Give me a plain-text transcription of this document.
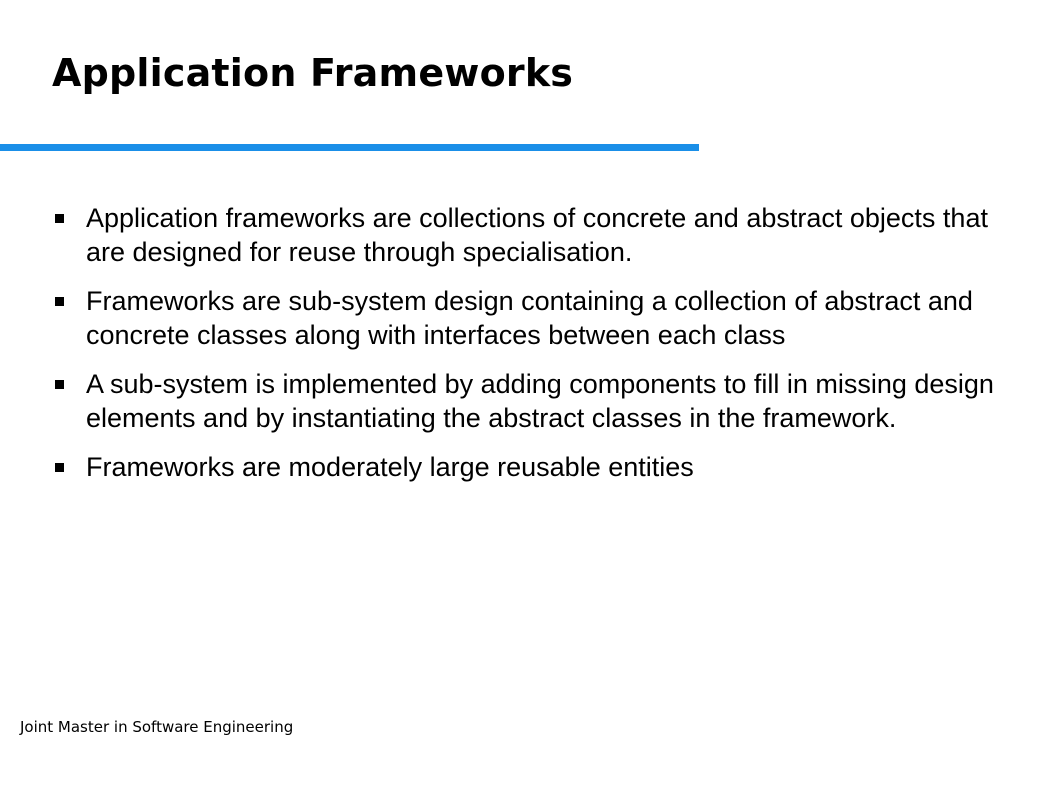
Application Frameworks
Application frameworks are collections of concrete and abstract objects that are designed for reuse through specialisation.
Frameworks are sub-system design containing a collection of abstract and concrete classes along with interfaces between each class
A sub-system is implemented by adding components to fill in missing design elements and by instantiating the abstract classes in the framework.
Frameworks are moderately large reusable entities
Joint Master in Software Engineering
